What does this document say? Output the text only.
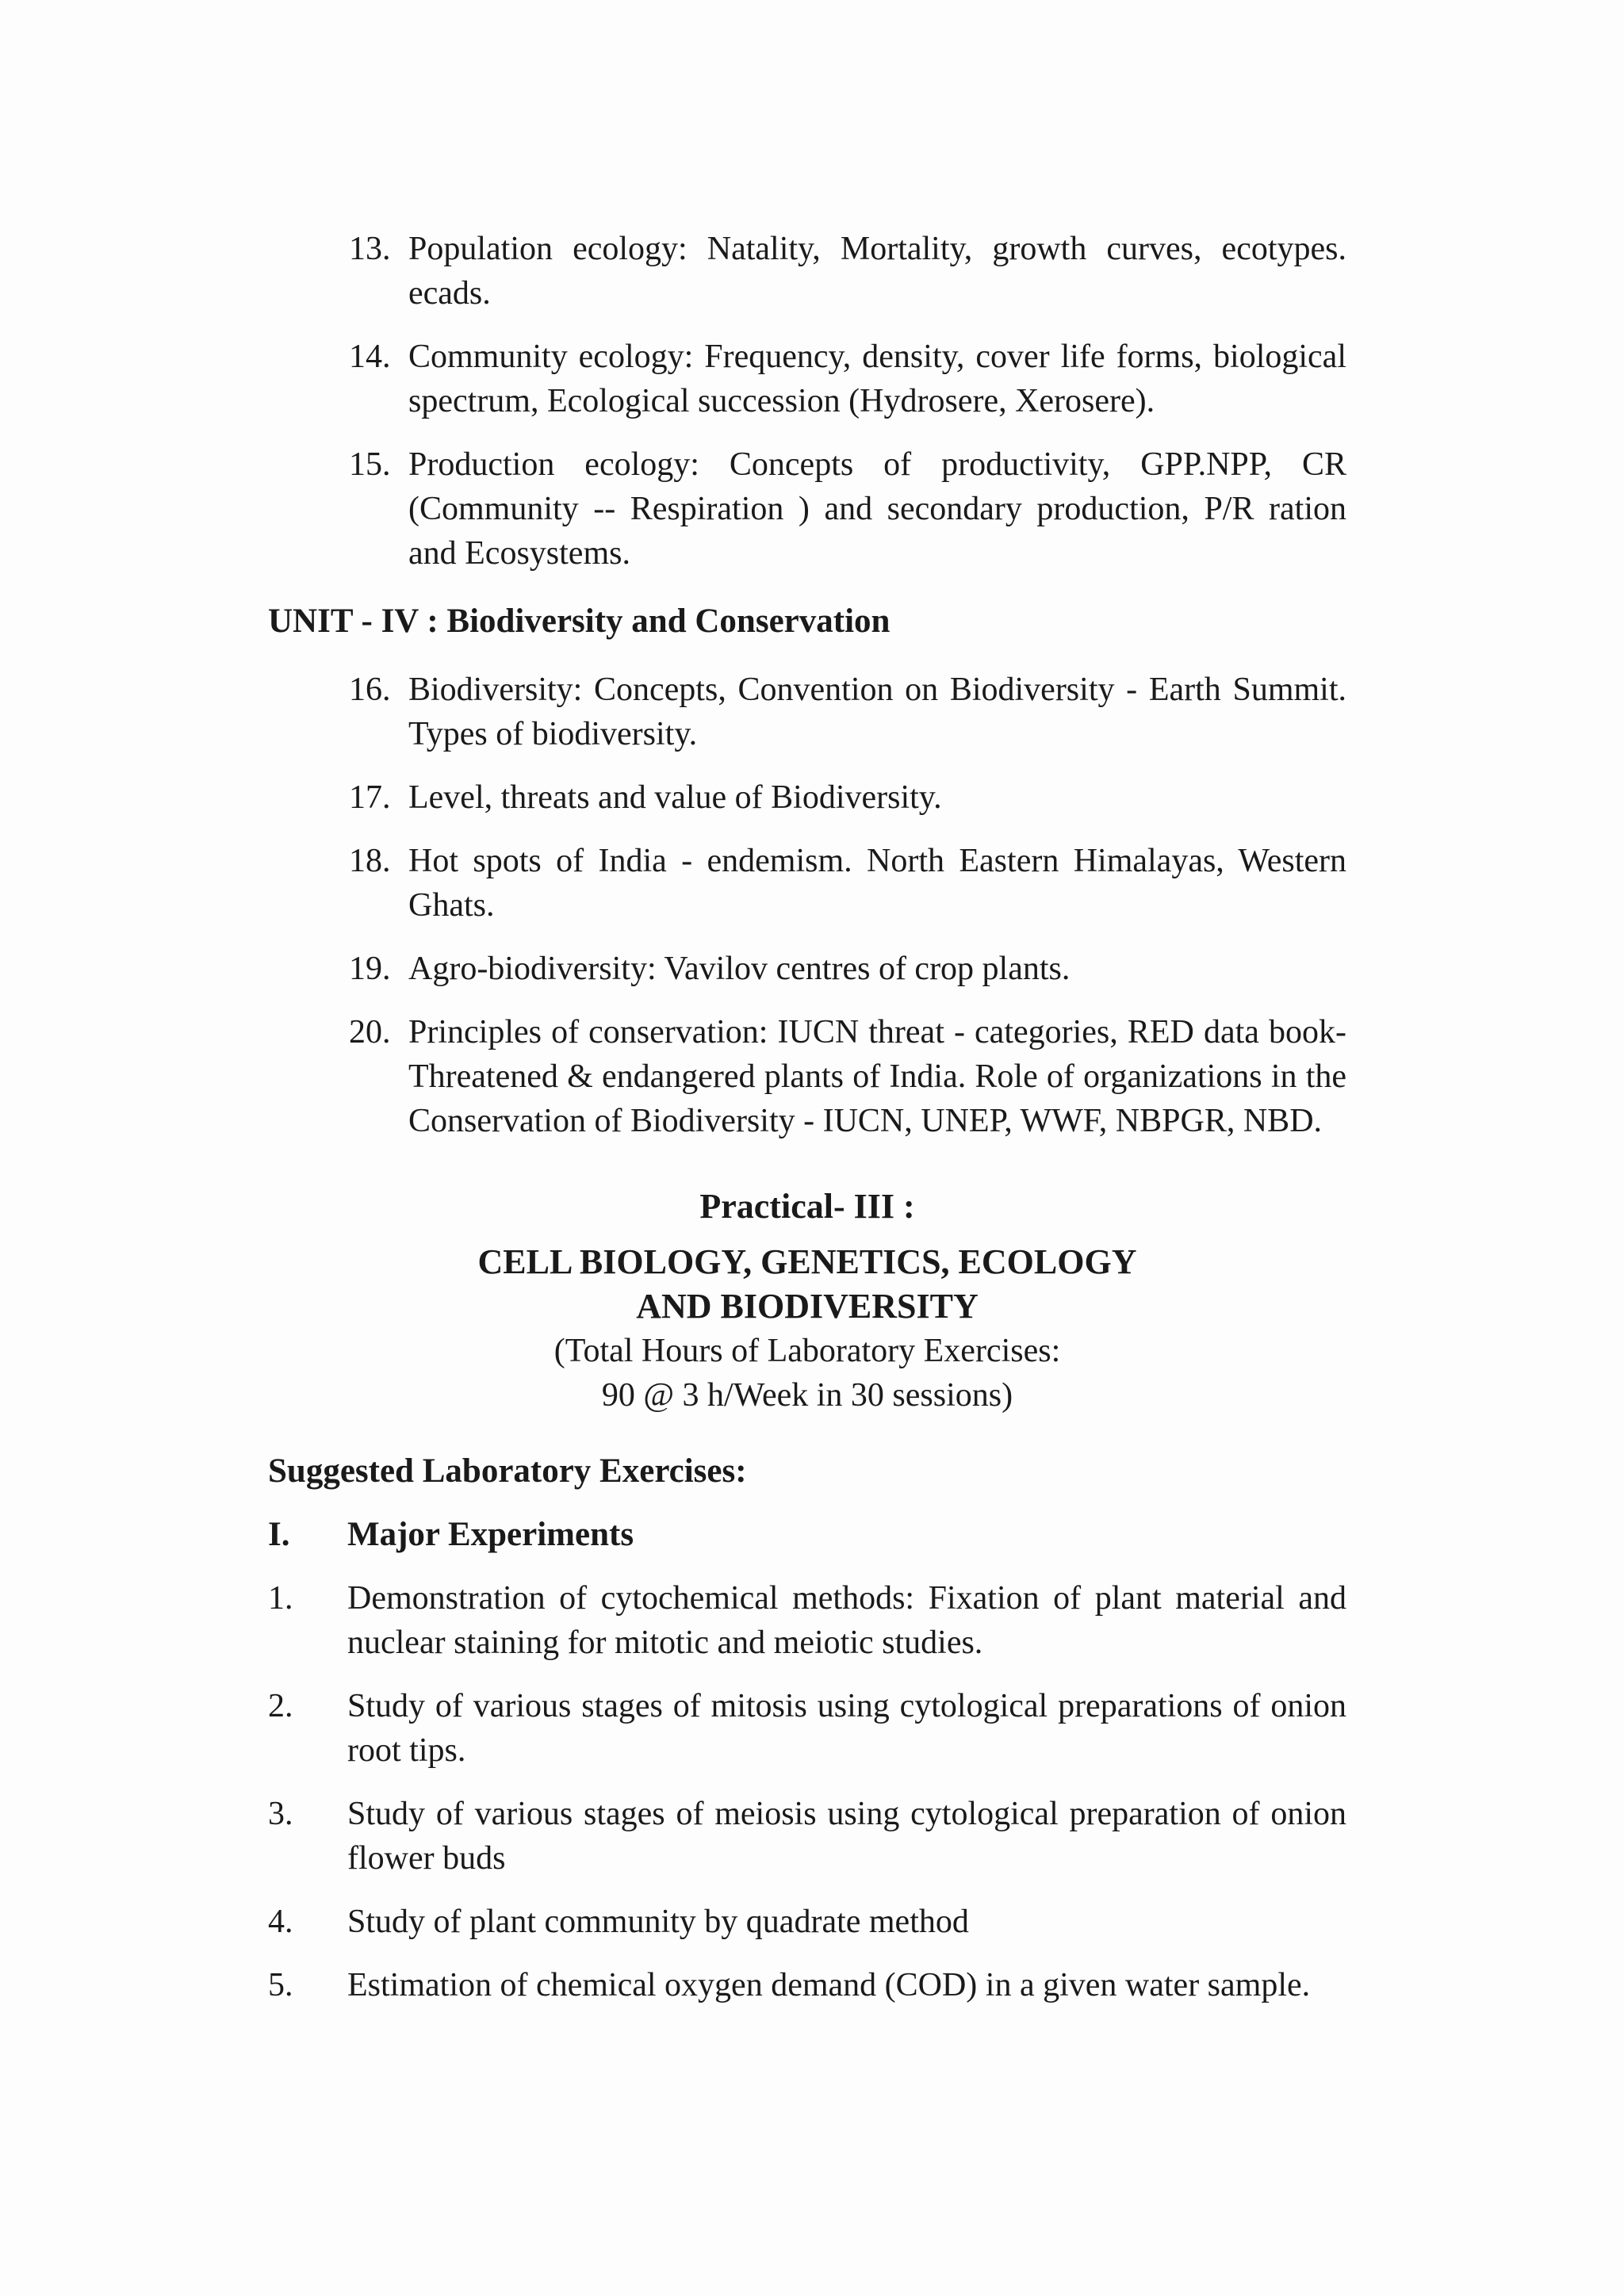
13. Population ecology: Natality, Mortality, growth curves, ecotypes. ecads.
14. Community ecology: Frequency, density, cover life forms, biological spectrum, Ecological succession (Hydrosere, Xerosere).
15. Production ecology: Concepts of productivity, GPP.NPP, CR (Community -- Respiration ) and secondary production, P/R ration and Ecosystems.
UNIT - IV : Biodiversity and Conservation
16. Biodiversity: Concepts, Convention on Biodiversity - Earth Summit. Types of biodiversity.
17. Level, threats and value of Biodiversity.
18. Hot spots of India - endemism. North Eastern Himalayas, Western Ghats.
19. Agro-biodiversity: Vavilov centres of crop plants.
20. Principles of conservation: IUCN threat - categories, RED data book- Threatened & endangered plants of India. Role of organizations in the Conservation of Biodiversity - IUCN, UNEP, WWF, NBPGR, NBD.
Practical- III :
CELL BIOLOGY, GENETICS, ECOLOGY
AND BIODIVERSITY
(Total Hours of Laboratory Exercises:
90 @ 3 h/Week in 30 sessions)
Suggested Laboratory Exercises:
I. Major Experiments
1. Demonstration of cytochemical methods: Fixation of plant material and nuclear staining for mitotic and meiotic studies.
2. Study of various stages of mitosis using cytological preparations of onion root tips.
3. Study of various stages of meiosis using cytological preparation of onion flower buds
4. Study of plant community by quadrate method
5. Estimation of chemical oxygen demand (COD) in a given water sample.
